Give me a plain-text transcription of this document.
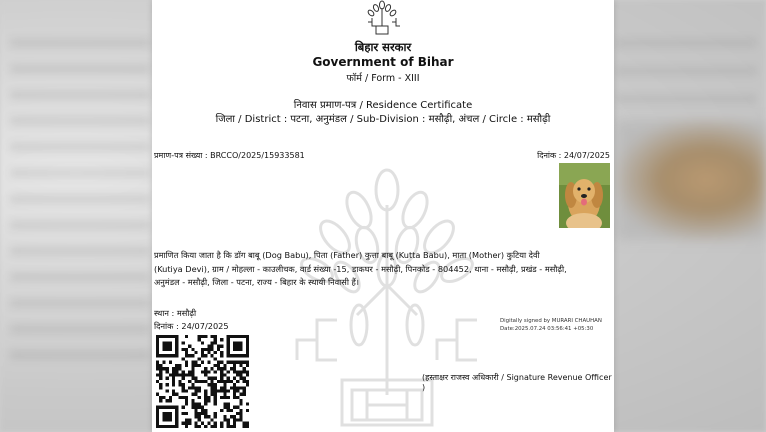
बिहार सरकार
Government of Bihar
फॉर्म / Form - XIII
निवास प्रमाण-पत्र / Residence Certificate
जिला / District : पटना, अनुमंडल / Sub-Division : मसौढ़ी, अंचल / Circle : मसौढ़ी
प्रमाण-पत्र संख्या : BRCCO/2025/15933581	दिनांक : 24/07/2025
प्रमाणित किया जाता है कि डॉग बाबू (Dog Babu), पिता (Father) कुत्ता बाबू (Kutta Babu), माता (Mother) कुटिया देवी
(Kutiya Devi), ग्राम / मोहल्ला - काउलीचक, वार्ड संख्या -15, डाकघर - मसौढ़ी, पिनकोड - 804452, थाना - मसौढ़ी, प्रखंड - मसौढ़ी,
अनुमंडल - मसौढ़ी, जिला - पटना, राज्य - बिहार के स्थायी निवासी हैं।
स्थान : मसौढ़ी
दिनांक : 24/07/2025	Digitally signed by MURARI CHAUHAN
Date:2025.07.24 03:56:41 +05:30
(हस्ताक्षर राजस्व अधिकारी / Signature Revenue Officer )
